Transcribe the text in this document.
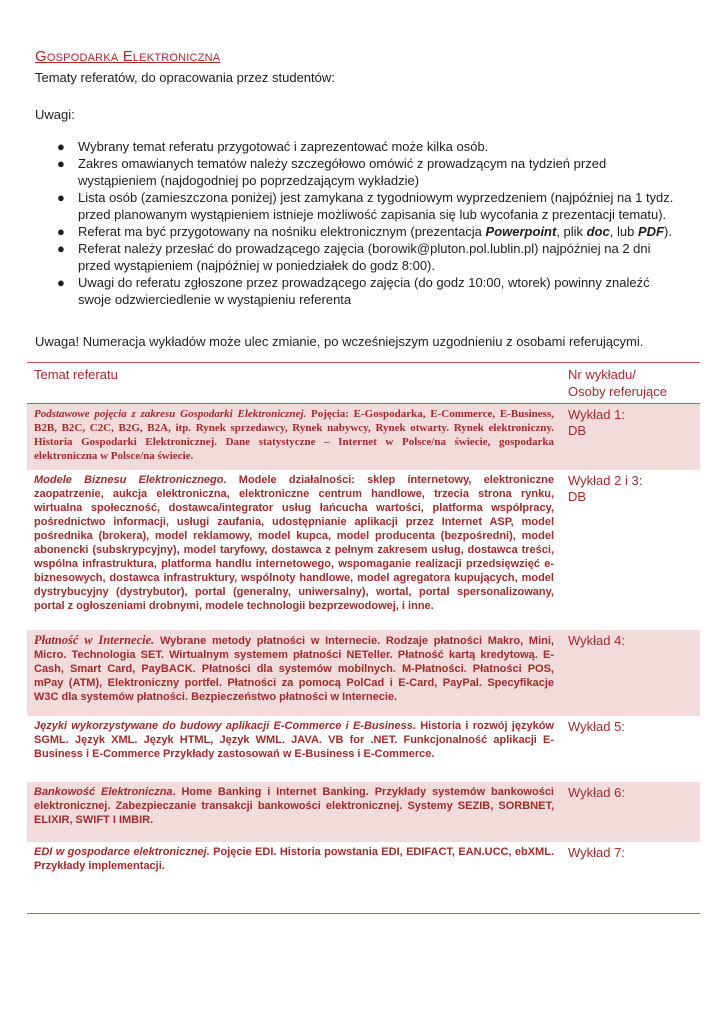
Gospodarka Elektroniczna

Tematy referatów, do opracowania przez studentów:

Uwagi:

● Wybrany temat referatu przygotować i zaprezentować może kilka osób.
● Zakres omawianych tematów należy szczegółowo omówić z prowadzącym na tydzień przed
wystąpieniem (najdogodniej po poprzedzającym wykładzie)
● Lista osób (zamieszczona poniżej) jest zamykana z tygodniowym wyprzedzeniem (najpóźniej na 1 tydz.
przed planowanym wystąpieniem istnieje możliwość zapisania się lub wycofania z prezentacji tematu).
● Referat ma być przygotowany na nośniku elektronicznym (prezentacja Powerpoint, plik doc, lub PDF).
● Referat należy przesłać do prowadzącego zajęcia (borowik@pluton.pol.lublin.pl) najpóźniej na 2 dni
przed wystąpieniem (najpóźniej w poniedziałek do godz 8:00).
● Uwagi do referatu zgłoszone przez prowadzącego zajęcia (do godz 10:00, wtorek) powinny znaleźć
swoje odzwierciedlenie w wystąpieniu referenta

Uwaga! Numeracja wykładów może ulec zmianie, po wcześniejszym uzgodnieniu z osobami referującymi.

Temat referatu	Nr wykładu/
Osoby referujące
Podstawowe pojęcia z zakresu Gospodarki Elektronicznej. Pojęcia: E-Gospodarka, E-Commerce, E-Business, B2B, B2C, C2C, B2G, B2A, itp. Rynek sprzedawcy, Rynek nabywcy, Rynek otwarty. Rynek elektroniczny. Historia Gospodarki Elektronicznej. Dane statystyczne – Internet w Polsce/na świecie, gospodarka elektroniczna w Polsce/na świecie.	Wykład 1:
DB
Modele Biznesu Elektronicznego. Modele działalności: sklep internetowy, elektroniczne zaopatrzenie, aukcja elektroniczna, elektroniczne centrum handlowe, trzecia strona rynku, wirtualna społeczność, dostawca/integrator usług łańcucha wartości, platforma współpracy, pośrednictwo informacji, usługi zaufania, udostępnianie aplikacji przez Internet ASP, model pośrednika (brokera), model reklamowy, model kupca, model producenta (bezpośredni), model abonencki (subskrypcyjny), model taryfowy, dostawca z pełnym zakresem usług, dostawca treści, wspólna infrastruktura, platforma handlu internetowego, wspomaganie realizacji przedsięwzięć e-biznesowych, dostawca infrastruktury, wspólnoty handlowe, model agregatora kupujących, model dystrybucyjny (dystrybutor), portal (generalny, uniwersalny), wortal, portal spersonalizowany, portal z ogłoszeniami drobnymi, modele technologii bezprzewodowej, i inne.	Wykład 2 i 3:
DB
Płatność w Internecie. Wybrane metody płatności w Internecie. Rodzaje płatności Makro, Mini, Micro. Technologia SET. Wirtualnym systemem płatności NETeller. Płatność kartą kredytową. E-Cash, Smart Card, PayBACK. Płatności dla systemów mobilnych. M-Płatności. Płatności POS, mPay (ATM), Elektroniczny portfel. Płatności za pomocą PolCad i E-Card, PayPal. Specyfikacje W3C dla systemów płatności. Bezpieczeństwo płatności w Internecie.	Wykład 4:
Języki wykorzystywane do budowy aplikacji E-Commerce i E-Business. Historia i rozwój języków SGML. Język XML. Język HTML, Język WML. JAVA. VB for .NET. Funkcjonalność aplikacji E-Business i E-Commerce Przykłady zastosowań w E-Business i E-Commerce.	Wykład 5:
Bankowość Elektroniczna. Home Banking i Internet Banking. Przykłady systemów bankowości elektronicznej. Zabezpieczanie transakcji bankowości elektronicznej. Systemy SEZIB, SORBNET, ELIXIR, SWIFT I IMBIR.	Wykład 6:
EDI w gospodarce elektronicznej. Pojęcie EDI. Historia powstania EDI, EDIFACT, EAN.UCC, ebXML. Przykłady implementacji.	Wykład 7:
